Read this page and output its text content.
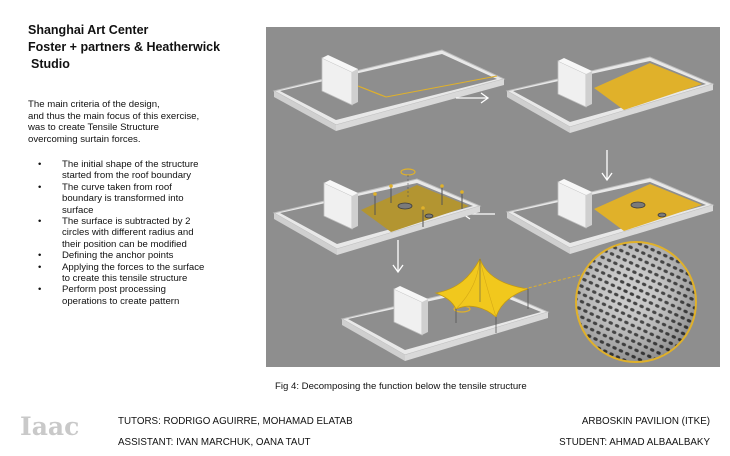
Shanghai Art Center
Foster + partners & Heatherwick
Studio

The main criteria of the design,
and thus the main focus of this exercise,
was to create Tensile Structure
overcoming surtain forces.

• The initial shape of the structure
started from the roof boundary
• The curve taken from roof
boundary is transformed into
surface
• The surface is subtracted by 2
circles with different radius and
their position can be modified
• Defining the anchor points
• Applying the forces to the surface
to create this tensile structure
• Perform post processing
operations to create pattern

Fig 4: Decomposing the function below the tensile structure

Iaac	TUTORS: RODRIGO AGUIRRE, MOHAMAD ELATAB
ASSISTANT: IVAN MARCHUK, OANA TAUT
ARBOSKIN PAVILION (ITKE)
STUDENT: AHMAD ALBAALBAKY
